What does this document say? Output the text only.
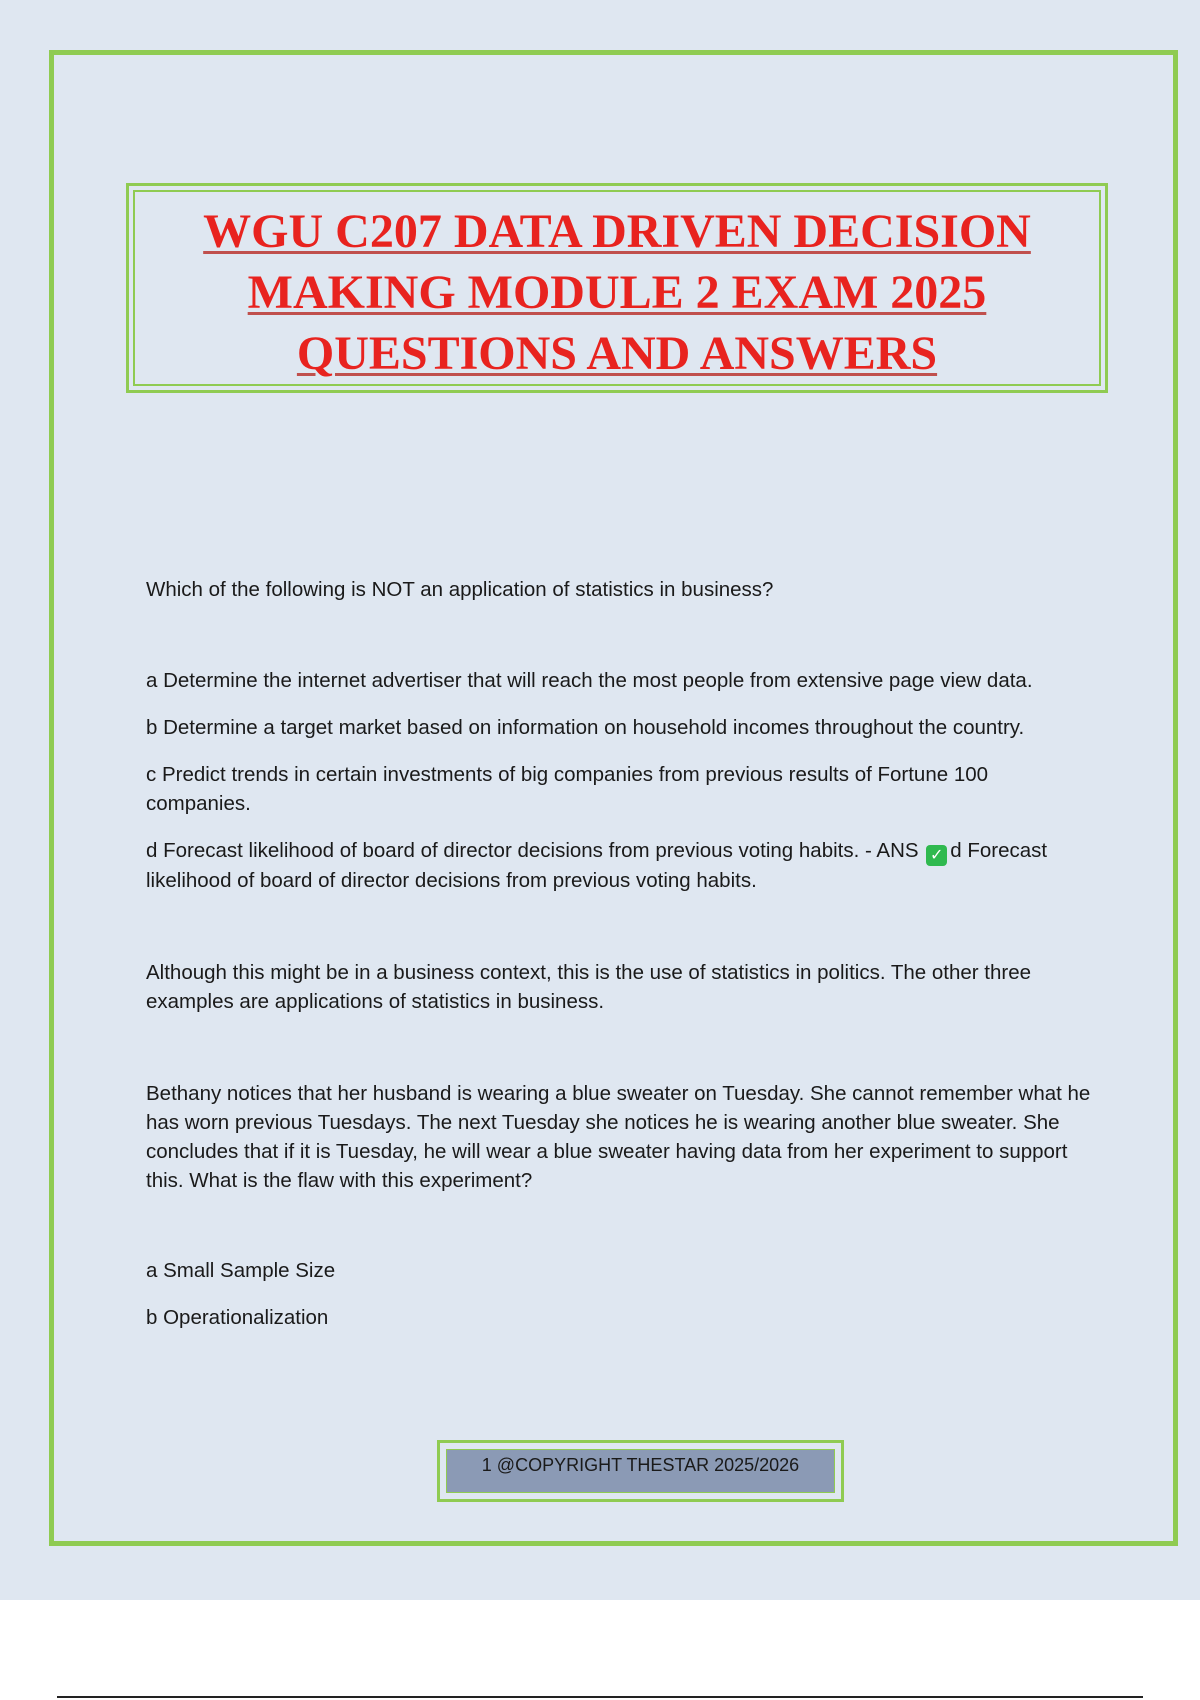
WGU C207 DATA DRIVEN DECISION
MAKING MODULE 2 EXAM 2025
QUESTIONS AND ANSWERS

Which of the following is NOT an application of statistics in business?

a Determine the internet advertiser that will reach the most people from extensive page view data.

b Determine a target market based on information on household incomes throughout the country.

c Predict trends in certain investments of big companies from previous results of Fortune 100 companies.

d Forecast likelihood of board of director decisions from previous voting habits. - ANS ✓ d Forecast likelihood of board of director decisions from previous voting habits.

Although this might be in a business context, this is the use of statistics in politics. The other three examples are applications of statistics in business.

Bethany notices that her husband is wearing a blue sweater on Tuesday. She cannot remember what he has worn previous Tuesdays. The next Tuesday she notices he is wearing another blue sweater. She concludes that if it is Tuesday, he will wear a blue sweater having data from her experiment to support this. What is the flaw with this experiment?

a Small Sample Size

b Operationalization

1 @COPYRIGHT THESTAR 2025/2026
